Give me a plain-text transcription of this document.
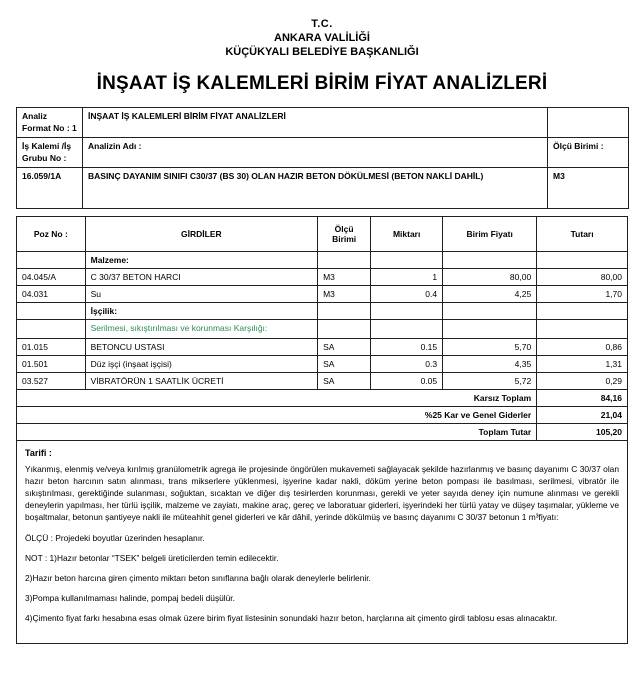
T.C.
ANKARA VALİLİĞİ
KÜÇÜKYALI BELEDİYE BAŞKANLIĞI
İNŞAAT İŞ KALEMLERİ BİRİM FİYAT ANALİZLERİ
Analiz Format No : 1	İNŞAAT İŞ KALEMLERİ BİRİM FİYAT ANALİZLERİ	
İş Kalemi /İş Grubu No :	Analizin Adı :	Ölçü Birimi :
16.059/1A	BASINÇ DAYANIM SINIFI C30/37 (BS 30) OLAN HAZIR BETON DÖKÜLMESİ (BETON NAKLİ DAHİL)	M3
Poz No :	GİRDİLER	Ölçü Birimi	Miktarı	Birim Fiyatı	Tutarı
	Malzeme:				
04.045/A	C 30/37 BETON HARCI	M3	1	80,00	80,00
04.031	Su	M3	0.4	4,25	1,70
	İşçilik:				
	Serilmesi, sıkıştırılması ve korunması Karşılığı:				
01.015	BETONCU USTASI	SA	0.15	5,70	0,86
01.501	Düz işçi (inşaat işçisi)	SA	0.3	4,35	1,31
03.527	VİBRATÖRÜN 1 SAATLİK ÜCRETİ	SA	0.05	5,72	0,29
Karsız Toplam					84,16
%25 Kar ve Genel Giderler					21,04
Toplam Tutar					105,20
Tarifi :

Yıkanmış, elenmiş ve/veya kırılmış granülometrik agrega ile projesinde öngörülen mukavemeti sağlayacak şekilde hazırlanmış ve basınç dayanımı C 30/37 olan hazır beton harcının satın alınması, trans mikserlere yüklenmesi, işyerine kadar nakli, döküm yerine beton pompası ile basılması, serilmesi, vibratör ile sıkıştırılması, gerektiğinde sulanması, soğuktan, sıcaktan ve diğer dış tesirlerden korunması, gerekli ve yeter sayıda deney için numune alınması ve gerekli deneylerin yapılması, her türlü işçilik, malzeme ve zayiatı, makine araç, gereç ve laboratuar giderleri, işyerindeki her türlü yatay ve düşey taşımalar, yükleme ve boşaltmalar, betonun şantiyeye nakli ile müteahhit genel giderleri ve kâr dâhil, yerinde dökülmüş ve basınç dayanımı C 30/37 betonun 1 m³fiyatı:

ÖLÇÜ : Projedeki boyutlar üzerinden hesaplanır.

NOT : 1)Hazır betonlar “TSEK” belgeli üreticilerden temin edilecektir.

2)Hazır beton harcına giren çimento miktarı beton sınıflarına bağlı olarak deneylerle belirlenir.

3)Pompa kullanılmaması halinde, pompaj bedeli düşülür.

4)Çimento fiyat farkı hesabına esas olmak üzere birim fiyat listesinin sonundaki hazır beton, harçlarına ait çimento girdi tablosu esas alınacaktır.
